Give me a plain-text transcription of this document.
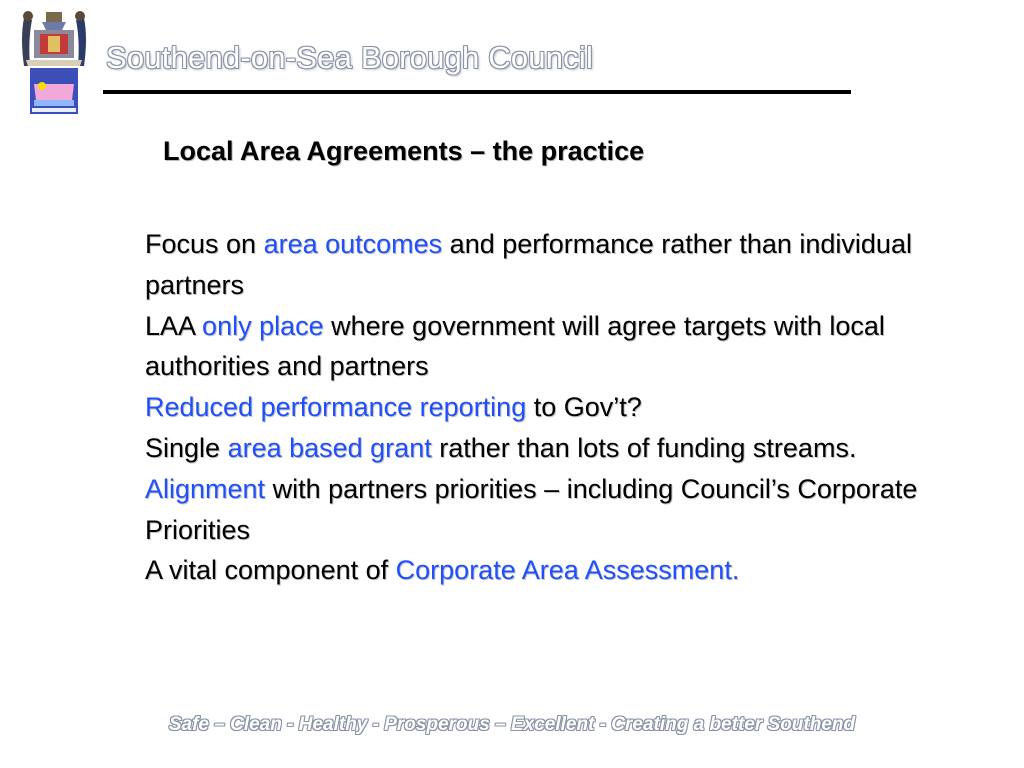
Southend-on-Sea Borough Council
Local Area Agreements – the practice

Focus on area outcomes and performance rather than individual partners

LAA only place where government will agree targets with local authorities and partners

Reduced performance reporting to Gov’t?

Single area based grant rather than lots of funding streams.

Alignment with partners priorities – including Council’s Corporate Priorities

A vital component of Corporate Area Assessment.

Safe – Clean - Healthy - Prosperous – Excellent - Creating a better Southend
